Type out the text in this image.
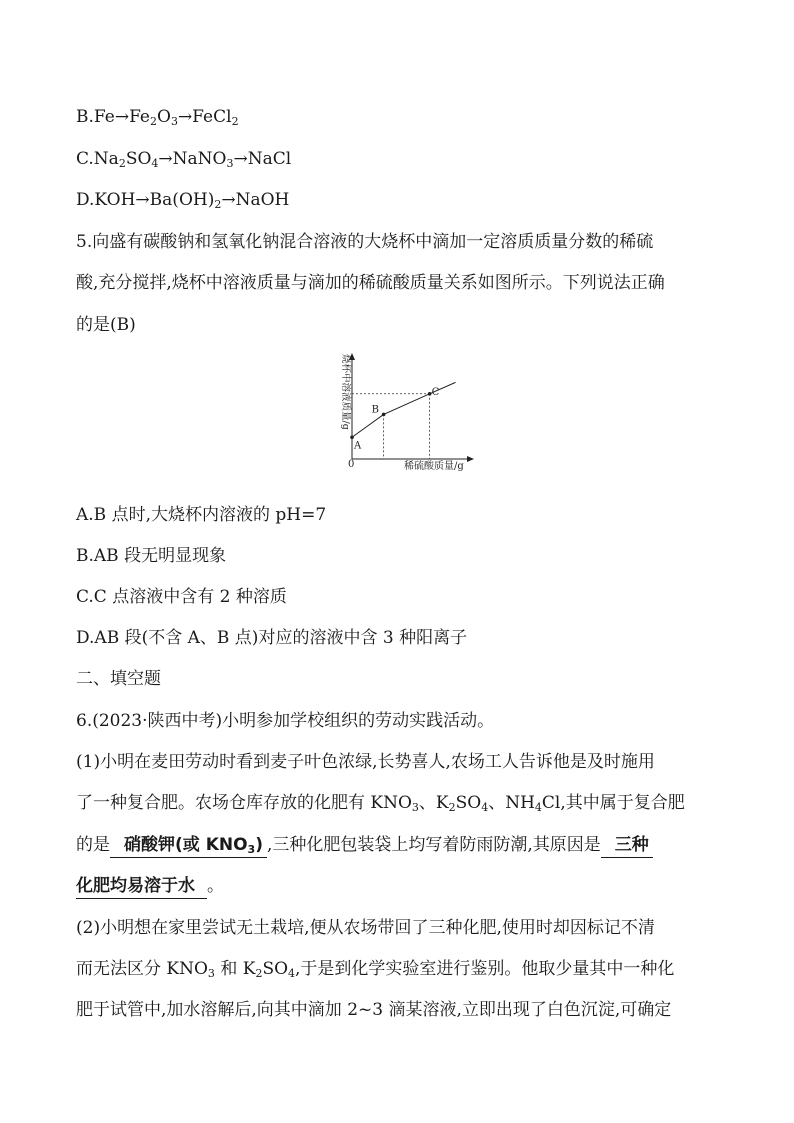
$B.Fe\to Fe_2O_3\to FeCl_2$
$C.Na_2SO_4\to NaNO_3\to NaCl$
$D.KOH\to Ba(OH)_2\to NaOH$
5.向盛有碳酸钠和氢氧化钠混合溶液的大烧杯中滴加一定溶质质量分数的稀硫
酸,充分搅拌,烧杯中溶液质量与滴加的稀硫酸质量关系如图所示。下列说法正确
的是(B)
烧杯中溶液质量/g
稀硫酸质量/g
0
A
B
C
A.B 点时,大烧杯内溶液的 pH=7
B.AB 段无明显现象
C.C 点溶液中含有 2 种溶质
D.AB 段(不含 A、B 点)对应的溶液中含 3 种阳离子
二、填空题
6.(2023·陕西中考)小明参加学校组织的劳动实践活动。
(1)小明在麦田劳动时看到麦子叶色浓绿,长势喜人,农场工人告诉他是及时施用
了一种复合肥。农场仓库存放的化肥有 $KNO_3$、$K_2SO_4$、$NH_4Cl$,其中属于复合肥
的是 硝酸钾(或 $KNO_3$) ,三种化肥包装袋上均写着防雨防潮,其原因是 三种
化肥均易溶于水 。
(2)小明想在家里尝试无土栽培,便从农场带回了三种化肥,使用时却因标记不清
而无法区分 $KNO_3$ 和 $K_2SO_4$,于是到化学实验室进行鉴别。他取少量其中一种化
肥于试管中,加水溶解后,向其中滴加 2~3 滴某溶液,立即出现了白色沉淀,可确定
